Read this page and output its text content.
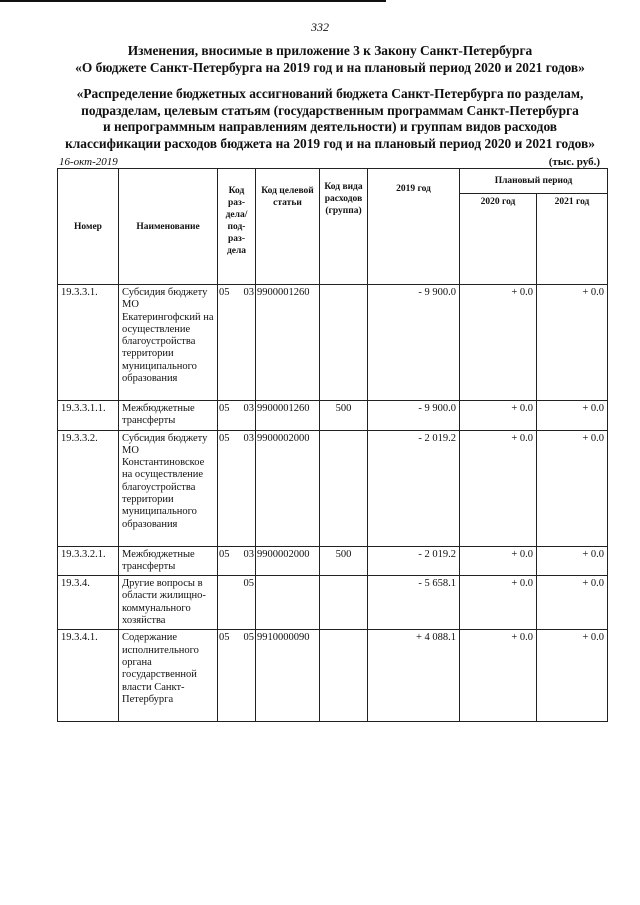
332
Изменения, вносимые в приложение 3 к Закону Санкт-Петербурга
«О бюджете Санкт-Петербурга на 2019 год и на плановый период 2020 и 2021 годов»
«Распределение бюджетных ассигнований бюджета Санкт-Петербурга по разделам,
подразделам, целевым статьям (государственным программам Санкт-Петербурга
и непрограммным направлениям деятельности) и группам видов расходов
классификации расходов бюджета на 2019 год и на плановый период 2020 и 2021 годов»
16-окт-2019	(тыс. руб.)
Номер	Наименование	Код раз-дела/ под-раз-дела	Код целевой статьи	Код вида расходов (группа)	2019 год	Плановый период	
						2020 год	2021 год
19.3.3.1.	Субсидия бюджету МО Екатерингофский на осуществление благоустройства территории муниципального образования	05 03	9900001260		- 9 900.0	+ 0.0	+ 0.0
19.3.3.1.1.	Межбюджетные трансферты	05 03	9900001260	500	- 9 900.0	+ 0.0	+ 0.0
19.3.3.2.	Субсидия бюджету МО Константиновское на осуществление благоустройства территории муниципального образования	05 03	9900002000		- 2 019.2	+ 0.0	+ 0.0
19.3.3.2.1.	Межбюджетные трансферты	05 03	9900002000	500	- 2 019.2	+ 0.0	+ 0.0
19.3.4.	Другие вопросы в области жилищно-коммунального хозяйства	05			- 5 658.1	+ 0.0	+ 0.0
19.3.4.1.	Содержание исполнительного органа государственной власти Санкт-Петербурга	05 05	9910000090		+ 4 088.1	+ 0.0	+ 0.0
